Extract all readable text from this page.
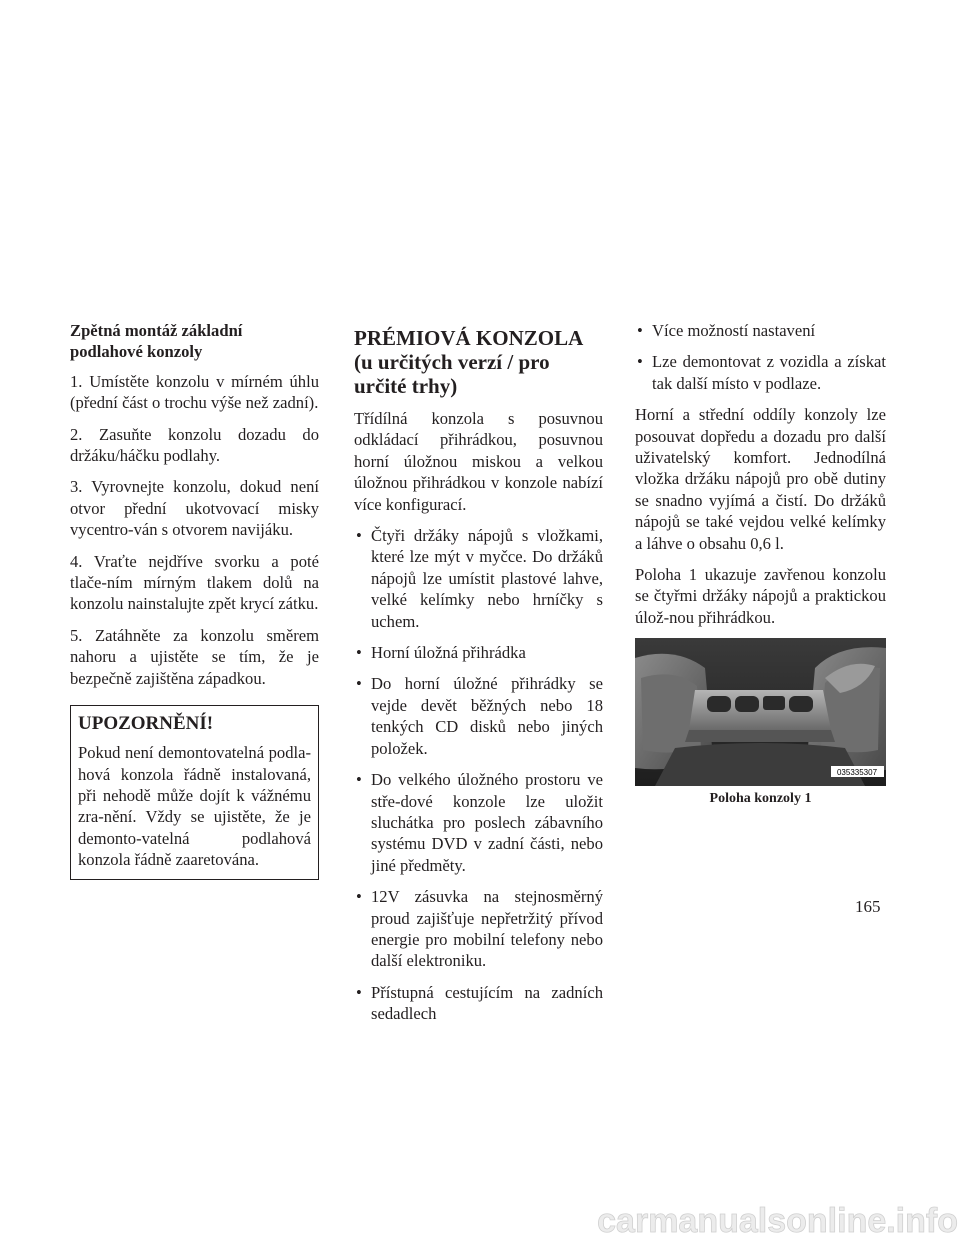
Zpětná montáž základní podlahové konzoly

1. Umístěte konzolu v mírném úhlu (přední část o trochu výše než zadní).

2. Zasuňte konzolu dozadu do držáku/háčku podlahy.

3. Vyrovnejte konzolu, dokud není otvor přední ukotvovací misky vycentro-ván s otvorem navijáku.

4. Vraťte nejdříve svorku a poté tlače-ním mírným tlakem dolů na konzolu nainstalujte zpět krycí zátku.

5. Zatáhněte za konzolu směrem nahoru a ujistěte se tím, že je bezpečně zajištěna západkou.

UPOZORNĚNÍ!

Pokud není demontovatelná podla-hová konzola řádně instalovaná, při nehodě může dojít k vážnému zra-nění. Vždy se ujistěte, že je demonto-vatelná podlahová konzola řádně zaaretována.

PRÉMIOVÁ KONZOLA (u určitých verzí / pro určité trhy)

Třídílná konzola s posuvnou odkládací přihrádkou, posuvnou horní úložnou miskou a velkou úložnou přihrádkou v konzole nabízí více konfigurací.

• Čtyři držáky nápojů s vložkami, které lze mýt v myčce. Do držáků nápojů lze umístit plastové lahve, velké kelímky nebo hrníčky s uchem.
• Horní úložná přihrádka
• Do horní úložné přihrádky se vejde devět běžných nebo 18 tenkých CD disků nebo jiných položek.
• Do velkého úložného prostoru ve stře-dové konzole lze uložit sluchátka pro poslech zábavního systému DVD v zadní části, nebo jiné předměty.
• 12V zásuvka na stejnosměrný proud zajišťuje nepřetržitý přívod energie pro mobilní telefony nebo další elektroniku.
• Přístupná cestujícím na zadních sedadlech
• Více možností nastavení
• Lze demontovat z vozidla a získat tak další místo v podlaze.

Horní a střední oddíly konzoly lze posouvat dopředu a dozadu pro další uživatelský komfort. Jednodílná vložka držáku nápojů pro obě dutiny se snadno vyjímá a čistí. Do držáků nápojů se také vejdou velké kelímky a láhve o obsahu 0,6 l.

Poloha 1 ukazuje zavřenou konzolu se čtyřmi držáky nápojů a praktickou úlož-nou přihrádkou.

035335307
Poloha konzoly 1
165
carmanualsonline.info
